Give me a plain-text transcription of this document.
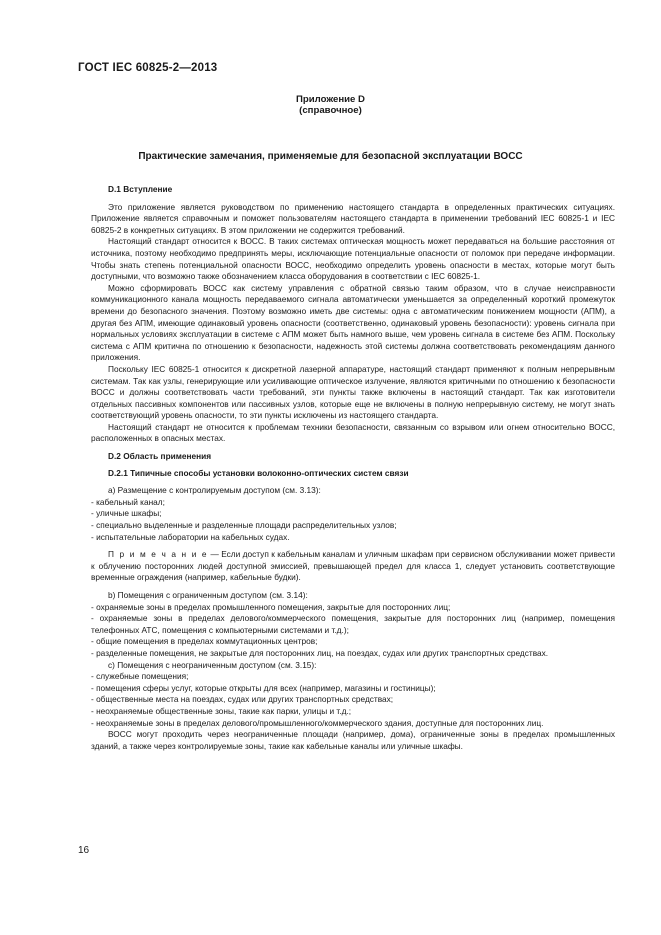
ГОСТ IEC 60825-2—2013
Приложение D
(справочное)
Практические замечания, применяемые для безопасной эксплуатации ВОСС
D.1 Вступление

Это приложение является руководством по применению настоящего стандарта в определенных практических ситуациях. Приложение является справочным и поможет пользователям настоящего стандарта в применении требований IEC 60825-1 и IEC 60825-2 в конкретных ситуациях. В этом приложении не содержится требований.

Настоящий стандарт относится к ВОСС. В таких системах оптическая мощность может передаваться на большие расстояния от источника, поэтому необходимо предпринять меры, исключающие потенциальные опасности от поломок при передаче информации. Чтобы знать степень потенциальной опасности ВОСС, необходимо определить уровень опасности в местах, которые могут быть доступными, что возможно также обозначением класса оборудования в соответствии с IEC 60825-1.

Можно сформировать ВОСС как систему управления с обратной связью таким образом, что в случае неисправности коммуникационного канала мощность передаваемого сигнала автоматически уменьшается за определенный короткий промежуток времени до безопасного значения. Поэтому возможно иметь две системы: одна с автоматическим понижением мощности (АПМ), а другая без АПМ, имеющие одинаковый уровень опасности (соответственно, одинаковый уровень безопасности): уровень сигнала при нормальных условиях эксплуатации в системе с АПМ может быть намного выше, чем уровень сигнала в системе без АПМ. Поскольку система с АПМ критична по отношению к безопасности, надежность этой системы должна соответствовать рекомендациям данного приложения.

Поскольку IEC 60825-1 относится к дискретной лазерной аппаратуре, настоящий стандарт применяют к полным непрерывным системам. Так как узлы, генерирующие или усиливающие оптическое излучение, являются критичными по отношению к безопасности ВОСС и должны соответствовать части требований, эти пункты также включены в настоящий стандарт. Так как изготовители отдельных пассивных компонентов или пассивных узлов, которые еще не включены в полную непрерывную систему, не могут знать соответствующий уровень опасности, то эти пункты исключены из настоящего стандарта.

Настоящий стандарт не относится к проблемам техники безопасности, связанным со взрывом или огнем относительно ВОСС, расположенных в опасных местах.

D.2 Область применения
D.2.1 Типичные способы установки волоконно-оптических систем связи

a) Размещение с контролируемым доступом (см. 3.13):

- кабельный канал;

- уличные шкафы;

- специально выделенные и разделенные площади распределительных узлов;

- испытательные лаборатории на кабельных судах.

П р и м е ч а н и е — Если доступ к кабельным каналам и уличным шкафам при сервисном обслуживании может привести к облучению посторонних людей доступной эмиссией, превышающей предел для класса 1, следует установить соответствующие временные ограждения (например, кабельные будки).

b) Помещения с ограниченным доступом (см. 3.14):

- охраняемые зоны в пределах промышленного помещения, закрытые для посторонних лиц;

- охраняемые зоны в пределах делового/коммерческого помещения, закрытые для посторонних лиц (например, помещения телефонных АТС, помещения с компьютерными системами и т.д.);

- общие помещения в пределах коммутационных центров;

- разделенные помещения, не закрытые для посторонних лиц, на поездах, судах или других транспортных средствах.

c) Помещения с неограниченным доступом (см. 3.15):

- служебные помещения;

- помещения сферы услуг, которые открыты для всех (например, магазины и гостиницы);

- общественные места на поездах, судах или других транспортных средствах;

- неохраняемые общественные зоны, такие как парки, улицы и т.д.;

- неохраняемые зоны в пределах делового/промышленного/коммерческого здания, доступные для посторонних лиц.

ВОСС могут проходить через неограниченные площади (например, дома), ограниченные зоны в пределах промышленных зданий, а также через контролируемые зоны, такие как кабельные каналы или уличные шкафы.

16
